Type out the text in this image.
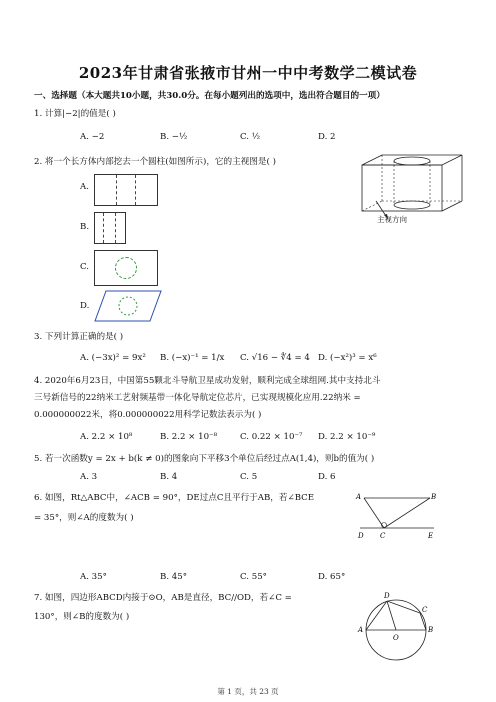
2023年甘肃省张掖市甘州一中中考数学二模试卷
一、选择题（本大题共10小题，共30.0分。在每小题列出的选项中，选出符合题目的一项）
1. 计算|−2|的值是( )
A. −2	B. −½	C. ½	D. 2
2. 将一个长方体内部挖去一个圆柱(如图所示)，它的主视图是( )
主视方向
A.
B.
C.
D.
3. 下列计算正确的是( )
A. (−3x)² = 9x² B. (−x)⁻¹ = 1/x C. √16 − ∜4 = 4 D. (−x²)³ = x⁶
4. 2020年6月23日，中国第55颗北斗导航卫星成功发射，顺利完成全球组网.其中支持北斗
三号新信号的22纳米工艺射频基带一体化导航定位芯片，已实现规模化应用.22纳米 =
0.000000022米，将0.000000022用科学记数法表示为( )
A. 2.2 × 10⁸	B. 2.2 × 10⁻⁸	C. 0.22 × 10⁻⁷ D. 2.2 × 10⁻⁹
5. 若一次函数y = 2x + b(k ≠ 0)的图象向下平移3个单位后经过点A(1,4)，则b的值为( )
A. 3	B. 4	C. 5	D. 6
6. 如图，Rt△ABC中，∠ACB = 90°，DE过点C且平行于AB，若∠BCE
= 35°，则∠A的度数为( )
A	B
C
D	E
A. 35°	B. 45°	C. 55°	D. 65°
7. 如图，四边形ABCD内接于⊙O，AB是直径，BC//OD，若∠C =
130°，则∠B的度数为( )
D
C
A	B
O
第 1 页，共 23 页
